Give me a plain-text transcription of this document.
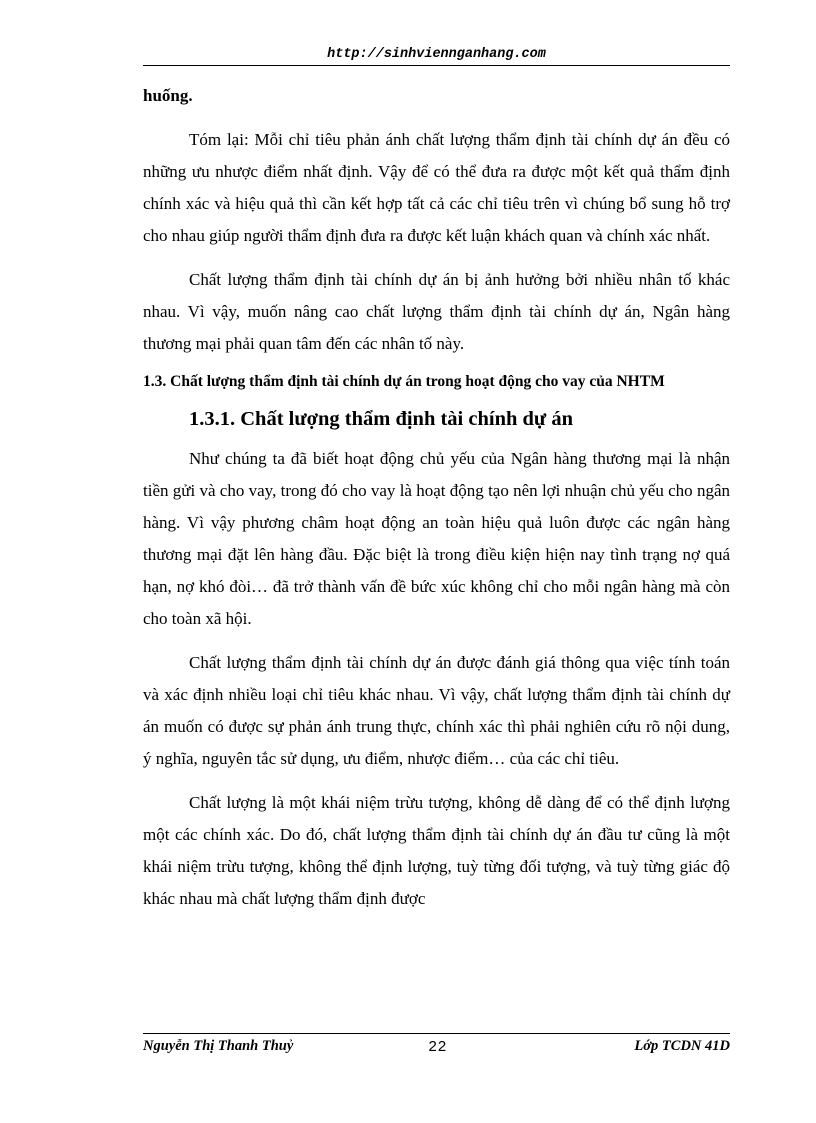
http://sinhviennganhang.com

huống.

Tóm lại: Mỗi chỉ tiêu phản ánh chất lượng thẩm định tài chính dự án đều có những ưu nhược điểm nhất định. Vậy để có thể đưa ra được một kết quả thẩm định chính xác và hiệu quả thì cần kết hợp tất cả các chỉ tiêu trên vì chúng bổ sung hỗ trợ cho nhau giúp người thẩm định đưa ra được kết luận khách quan và chính xác nhất.

Chất lượng thẩm định tài chính dự án bị ảnh hưởng bởi nhiều nhân tố khác nhau. Vì vậy, muốn nâng cao chất lượng thẩm định tài chính dự án, Ngân hàng thương mại phải quan tâm đến các nhân tố này.

1.3. Chất lượng thẩm định tài chính dự án trong hoạt động cho vay của NHTM

1.3.1. Chất lượng thẩm định tài chính dự án

Như chúng ta đã biết hoạt động chủ yếu của Ngân hàng thương mại là nhận tiền gửi và cho vay, trong đó cho vay là hoạt động tạo nên lợi nhuận chủ yếu cho ngân hàng. Vì vậy phương châm hoạt động an toàn hiệu quả luôn được các ngân hàng thương mại đặt lên hàng đầu. Đặc biệt là trong điều kiện hiện nay tình trạng nợ quá hạn, nợ khó đòi… đã trở thành vấn đề bức xúc không chỉ cho mỗi ngân hàng mà còn cho toàn xã hội.

Chất lượng thẩm định tài chính dự án được đánh giá thông qua việc tính toán và xác định nhiều loại chỉ tiêu khác nhau. Vì vậy, chất lượng thẩm định tài chính dự án muốn có được sự phản ánh trung thực, chính xác thì phải nghiên cứu rõ nội dung, ý nghĩa, nguyên tắc sử dụng, ưu điểm, nhược điểm… của các chỉ tiêu.

Chất lượng là một khái niệm trừu tượng, không dễ dàng để có thể định lượng một các chính xác. Do đó, chất lượng thẩm định tài chính dự án đầu tư cũng là một khái niệm trừu tượng, không thể định lượng, tuỳ từng đối tượng, và tuỳ từng giác độ khác nhau mà chất lượng thẩm định được

Nguyễn Thị Thanh Thuỷ	22	Lớp TCDN 41D
